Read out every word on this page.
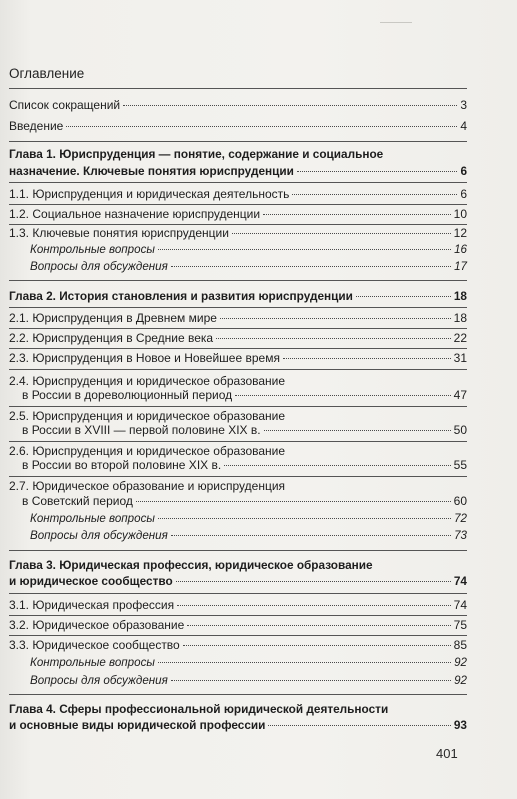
Оглавление
Список сокращений	3
Введение	4
Глава 1. Юриспруденция — понятие, содержание и социальное
назначение. Ключевые понятия юриспруденции	6
1.1. Юриспруденция и юридическая деятельность	6
1.2. Социальное назначение юриспруденции	10
1.3. Ключевые понятия юриспруденции	12
Контрольные вопросы	16
Вопросы для обсуждения	17
Глава 2. История становления и развития юриспруденции	18
2.1. Юриспруденция в Древнем мире	18
2.2. Юриспруденция в Средние века	22
2.3. Юриспруденция в Новое и Новейшее время	31
2.4. Юриспруденция и юридическое образование
в России в дореволюционный период	47
2.5. Юриспруденция и юридическое образование
в России в XVIII — первой половине XIX в.	50
2.6. Юриспруденция и юридическое образование
в России во второй половине XIX в.	55
2.7. Юридическое образование и юриспруденция
в Советский период	60
Контрольные вопросы	72
Вопросы для обсуждения	73
Глава 3. Юридическая профессия, юридическое образование
и юридическое сообщество	74
3.1. Юридическая профессия	74
3.2. Юридическое образование	75
3.3. Юридическое сообщество	85
Контрольные вопросы	92
Вопросы для обсуждения	92
Глава 4. Сферы профессиональной юридической деятельности
и основные виды юридической профессии	93
401
